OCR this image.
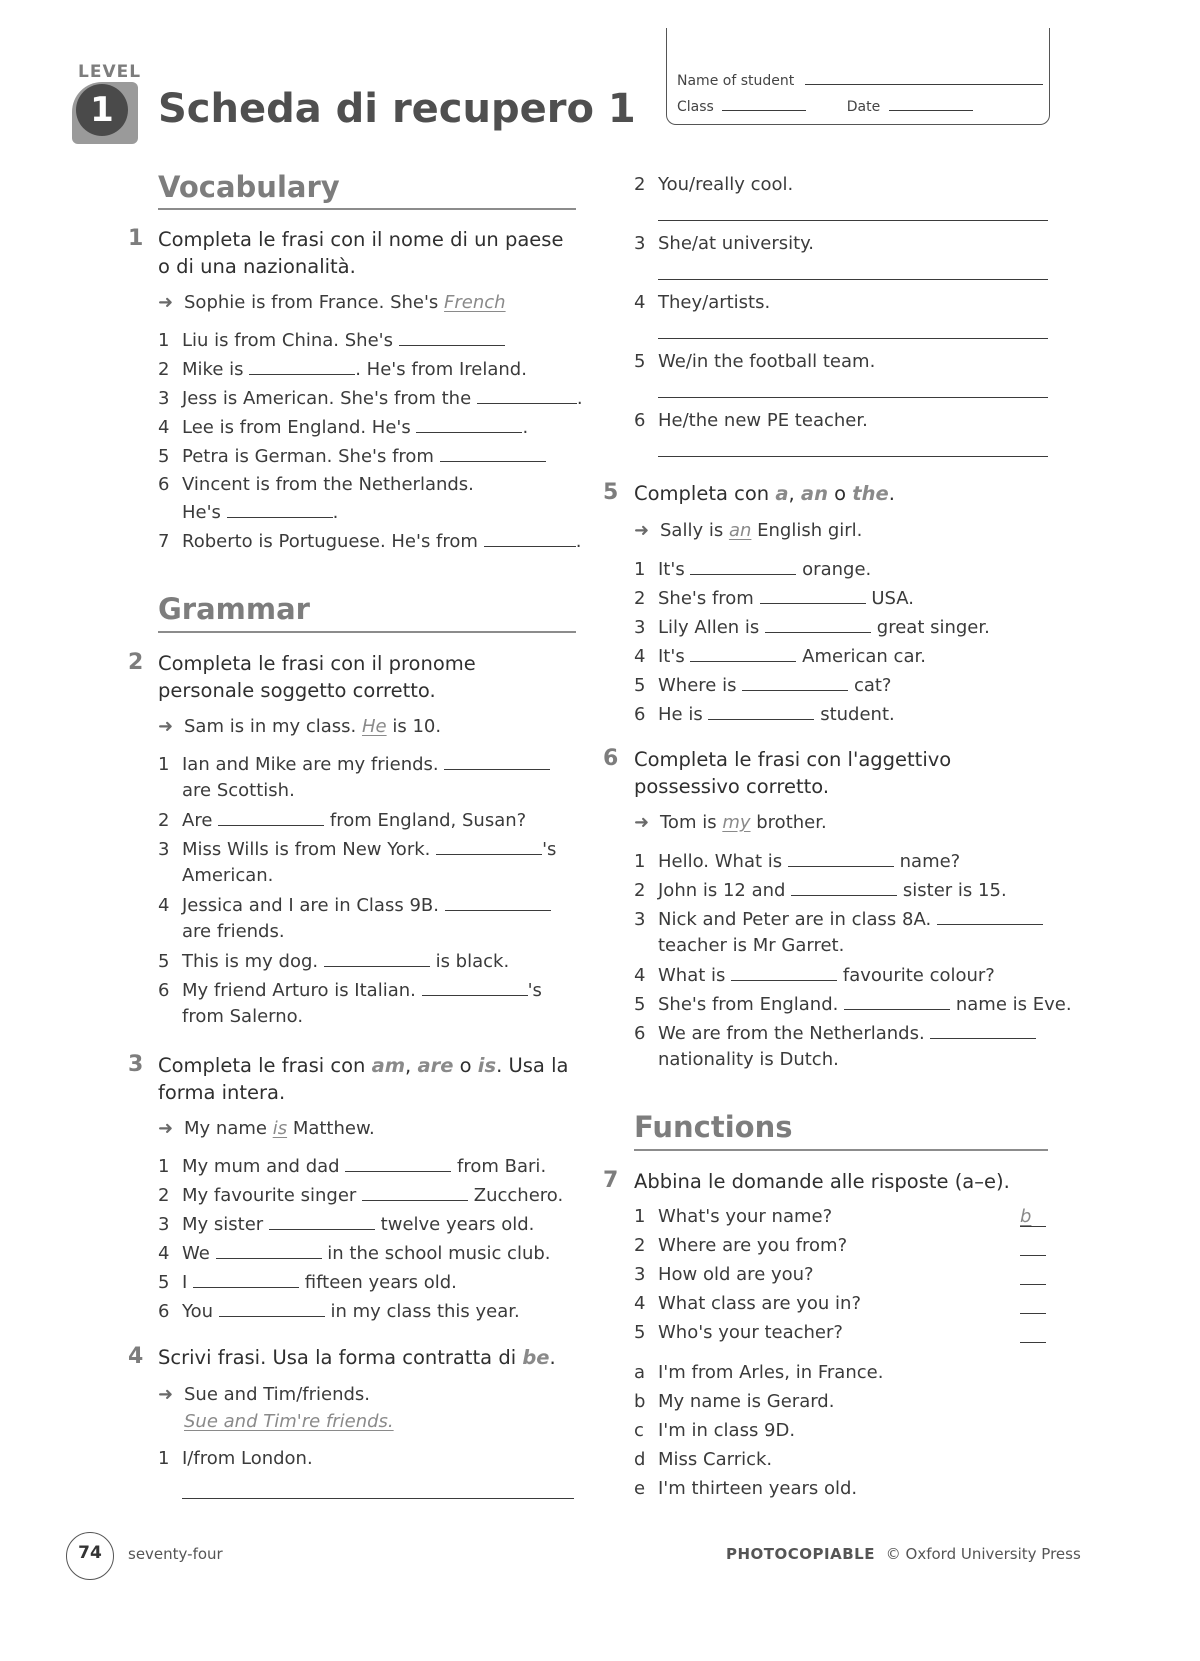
LEVEL
1	Scheda di recupero 1
Name of student
Class	Date
Vocabulary
1 Completa le frasi con il nome di un paese o di una nazionalità.
➜ Sophie is from France. She's French
1 Liu is from China. She's
2 Mike is	. He's from Ireland.
3 Jess is American. She's from the	.
4 Lee is from England. He's	.
5 Petra is German. She's from
6 Vincent is from the Netherlands.
He's	.
7 Roberto is Portuguese. He's from	.
Grammar
2 Completa le frasi con il pronome personale soggetto corretto.
➜ Sam is in my class. He is 10.
1 Ian and Mike are my friends.
are Scottish.
2 Are	from England, Susan?
3 Miss Wills is from New York.	's
American.
4 Jessica and I are in Class 9B.
are friends.
5 This is my dog.	is black.
6 My friend Arturo is Italian.	's
from Salerno.
3 Completa le frasi con am, are o is. Usa la forma intera.
➜ My name is Matthew.
1 My mum and dad	from Bari.
2 My favourite singer	Zucchero.
3 My sister	twelve years old.
4 We	in the school music club.
5 I	fifteen years old.
6 You	in my class this year.
4 Scrivi frasi. Usa la forma contratta di be.
➜ Sue and Tim/friends.
Sue and Tim're friends.
1 I/from London.
2 You/really cool.
3 She/at university.
4 They/artists.
5 We/in the football team.
6 He/the new PE teacher.
5 Completa con a, an o the.
➜ Sally is an English girl.
1 It's	orange.
2 She's from	USA.
3 Lily Allen is	great singer.
4 It's	American car.
5 Where is	cat?
6 He is	student.
6 Completa le frasi con l'aggettivo possessivo corretto.
➜ Tom is my brother.
1 Hello. What is	name?
2 John is 12 and	sister is 15.
3 Nick and Peter are in class 8A.
teacher is Mr Garret.
4 What is	favourite colour?
5 She's from England.	name is Eve.
6 We are from the Netherlands.
nationality is Dutch.
Functions
7 Abbina le domande alle risposte (a–e).
1 What's your name?	b
2 Where are you from?
3 How old are you?
4 What class are you in?
5 Who's your teacher?
a I'm from Arles, in France.
b My name is Gerard.
c I'm in class 9D.
d Miss Carrick.
e I'm thirteen years old.
74	seventy-four	PHOTOCOPIABLE © Oxford University Press
